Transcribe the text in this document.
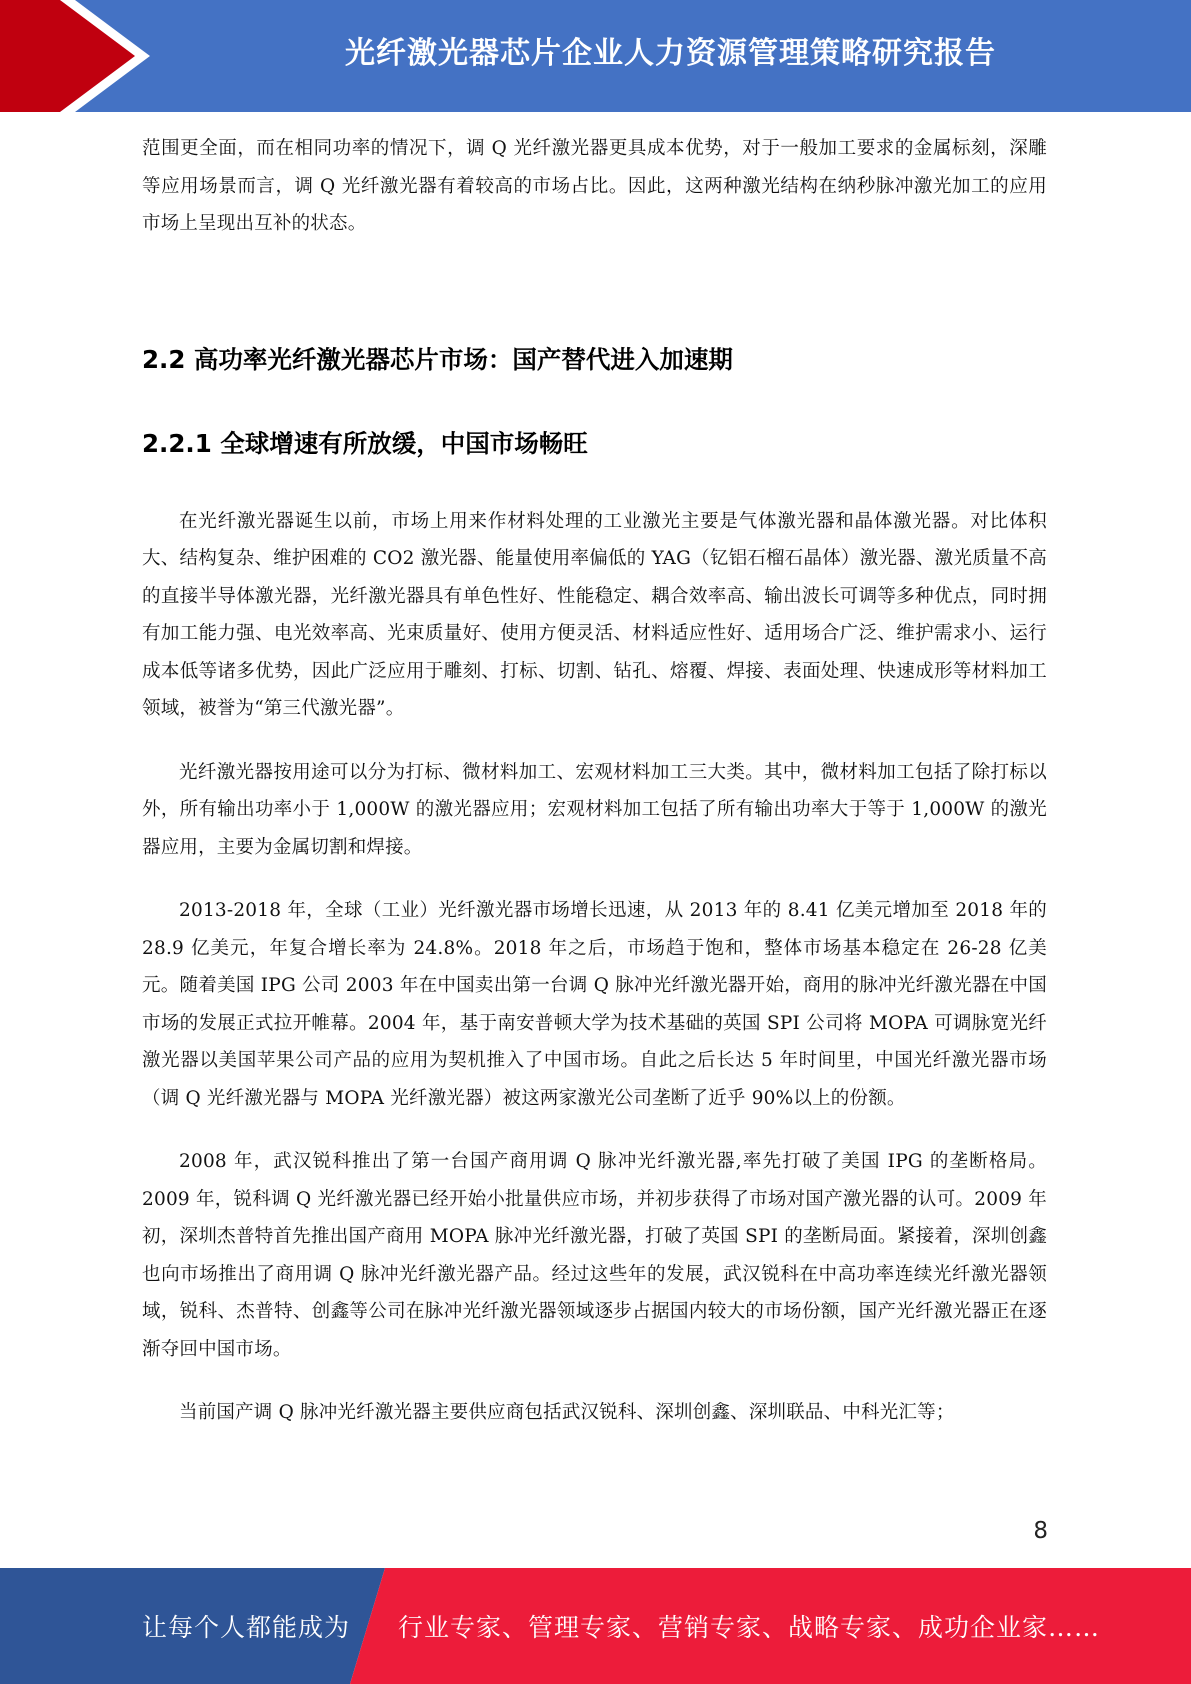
光纤激光器芯片企业人力资源管理策略研究报告

范围更全面，而在相同功率的情况下，调 Q 光纤激光器更具成本优势，对于一般加工要求的金属标刻，深雕等应用场景而言，调 Q 光纤激光器有着较高的市场占比。因此，这两种激光结构在纳秒脉冲激光加工的应用市场上呈现出互补的状态。

2.2 高功率光纤激光器芯片市场：国产替代进入加速期
2.2.1 全球增速有所放缓，中国市场畅旺

在光纤激光器诞生以前，市场上用来作材料处理的工业激光主要是气体激光器和晶体激光器。对比体积大、结构复杂、维护困难的 CO2 激光器、能量使用率偏低的 YAG（钇铝石榴石晶体）激光器、激光质量不高的直接半导体激光器，光纤激光器具有单色性好、性能稳定、耦合效率高、输出波长可调等多种优点，同时拥有加工能力强、电光效率高、光束质量好、使用方便灵活、材料适应性好、适用场合广泛、维护需求小、运行成本低等诸多优势，因此广泛应用于雕刻、打标、切割、钻孔、熔覆、焊接、表面处理、快速成形等材料加工领域，被誉为“第三代激光器”。

光纤激光器按用途可以分为打标、微材料加工、宏观材料加工三大类。其中，微材料加工包括了除打标以外，所有输出功率小于 1,000W 的激光器应用；宏观材料加工包括了所有输出功率大于等于 1,000W 的激光器应用，主要为金属切割和焊接。

2013-2018 年，全球（工业）光纤激光器市场增长迅速，从 2013 年的 8.41 亿美元增加至 2018 年的 28.9 亿美元，年复合增长率为 24.8%。2018 年之后，市场趋于饱和，整体市场基本稳定在 26-28 亿美元。随着美国 IPG 公司 2003 年在中国卖出第一台调 Q 脉冲光纤激光器开始，商用的脉冲光纤激光器在中国市场的发展正式拉开帷幕。2004 年，基于南安普顿大学为技术基础的英国 SPI 公司将 MOPA 可调脉宽光纤激光器以美国苹果公司产品的应用为契机推入了中国市场。自此之后长达 5 年时间里，中国光纤激光器市场（调 Q 光纤激光器与 MOPA 光纤激光器）被这两家激光公司垄断了近乎 90%以上的份额。

2008 年，武汉锐科推出了第一台国产商用调 Q 脉冲光纤激光器,率先打破了美国 IPG 的垄断格局。2009 年，锐科调 Q 光纤激光器已经开始小批量供应市场，并初步获得了市场对国产激光器的认可。2009 年初，深圳杰普特首先推出国产商用 MOPA 脉冲光纤激光器，打破了英国 SPI 的垄断局面。紧接着，深圳创鑫也向市场推出了商用调 Q 脉冲光纤激光器产品。经过这些年的发展，武汉锐科在中高功率连续光纤激光器领域，锐科、杰普特、创鑫等公司在脉冲光纤激光器领域逐步占据国内较大的市场份额，国产光纤激光器正在逐渐夺回中国市场。

当前国产调 Q 脉冲光纤激光器主要供应商包括武汉锐科、深圳创鑫、深圳联品、中科光汇等；

8
让每个人都能成为 行业专家、管理专家、营销专家、战略专家、成功企业家……
